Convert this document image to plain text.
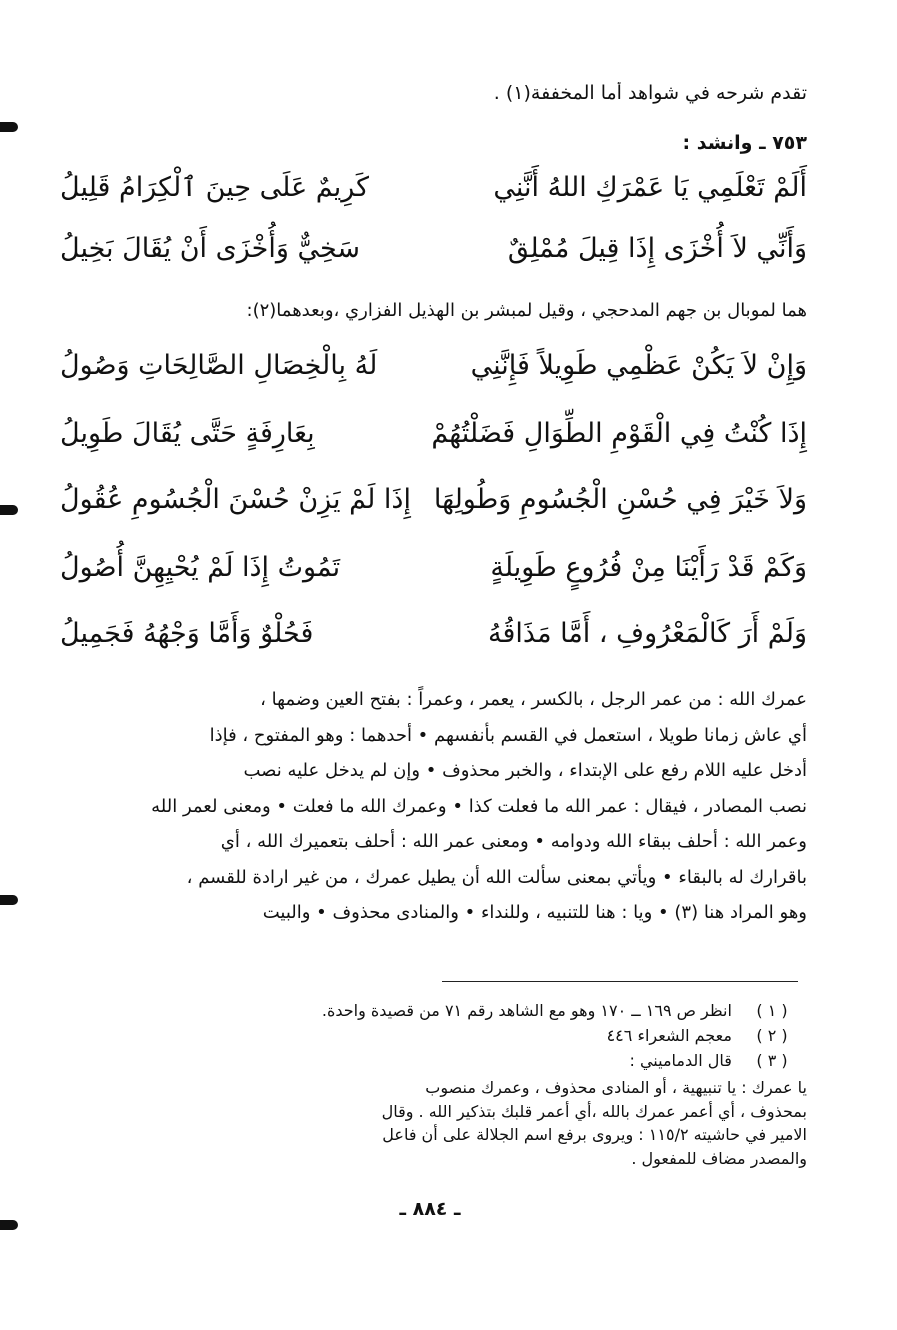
تقدم شرحه في شواهد أما المخففة(١) .
٧٥٣ ـ وانشد :
أَلَمْ تَعْلَمِي يَا عَمْرَكِ اللهُ أَنَّنِي
كَرِيمٌ عَلَى حِينَ ٱلْكِرَامُ قَلِيلُ
وَأَنِّي لاَ أُخْزَى إِذَا قِيلَ مُمْلِقٌ
سَخِيٌّ وَأُخْزَى أَنْ يُقَالَ بَخِيلُ
هما لموبال بن جهم المدحجي ، وقيل لمبشر بن الهذيل الفزاري ،وبعدهما(٢):
وَإِنْ لاَ يَكُنْ عَظْمِي طَوِيلاً فَإِنَّنِي
لَهُ بِالْخِصَالِ الصَّالِحَاتِ وَصُولُ
إِذَا كُنْتُ فِي الْقَوْمِ الطِّوَالِ فَضَلْتُهُمْ
بِعَارِفَةٍ حَتَّى يُقَالَ طَوِيلُ
وَلاَ خَيْرَ فِي حُسْنِ الْجُسُومِ وَطُولِهَا
إِذَا لَمْ يَزِنْ حُسْنَ الْجُسُومِ عُقُولُ
وَكَمْ قَدْ رَأَيْنَا مِنْ فُرُوعٍ طَوِيلَةٍ
تَمُوتُ إِذَا لَمْ يُحْيِهِنَّ أُصُولُ
وَلَمْ أَرَ كَالْمَعْرُوفِ ، أَمَّا مَذَاقُهُ
فَحُلْوٌ وَأَمَّا وَجْهُهُ فَجَمِيلُ

عمرك الله : من عمر الرجل ، بالكسر ، يعمر ، وعمراً : بفتح العين وضمها ،

أي عاش زمانا طويلا ، استعمل في القسم بأنفسهم • أحدهما : وهو المفتوح ، فإذا

أدخل عليه اللام رفع على الإبتداء ، والخبر محذوف • وإن لم يدخل عليه نصب

نصب المصادر ، فيقال : عمر الله ما فعلت كذا • وعمرك الله ما فعلت • ومعنى لعمر الله

وعمر الله : أحلف ببقاء الله ودوامه • ومعنى عمر الله : أحلف بتعميرك الله ، أي

باقرارك له بالبقاء • ويأتي بمعنى سألت الله أن يطيل عمرك ، من غير ارادة للقسم ،

وهو المراد هنا (٣) • ويا : هنا للتنبيه ، وللنداء • والمنادى محذوف • والبيت

( ١ ) انظر ص ١٦٩ ــ ١٧٠ وهو مع الشاهد رقم ٧١ من قصيدة واحدة.
( ٢ ) معجم الشعراء ٤٤٦
( ٣ ) قال الدماميني :

يا عمرك : يا تنبيهية ، أو المنادى محذوف ، وعمرك منصوب

بمحذوف ، أي أعمر عمرك بالله ،أي أعمر قلبك بتذكير الله . وقال

الامير في حاشيته ١١٥/٢ : ويروى برفع اسم الجلالة على أن فاعل

والمصدر مضاف للمفعول .

ـ ٨٨٤ ـ
